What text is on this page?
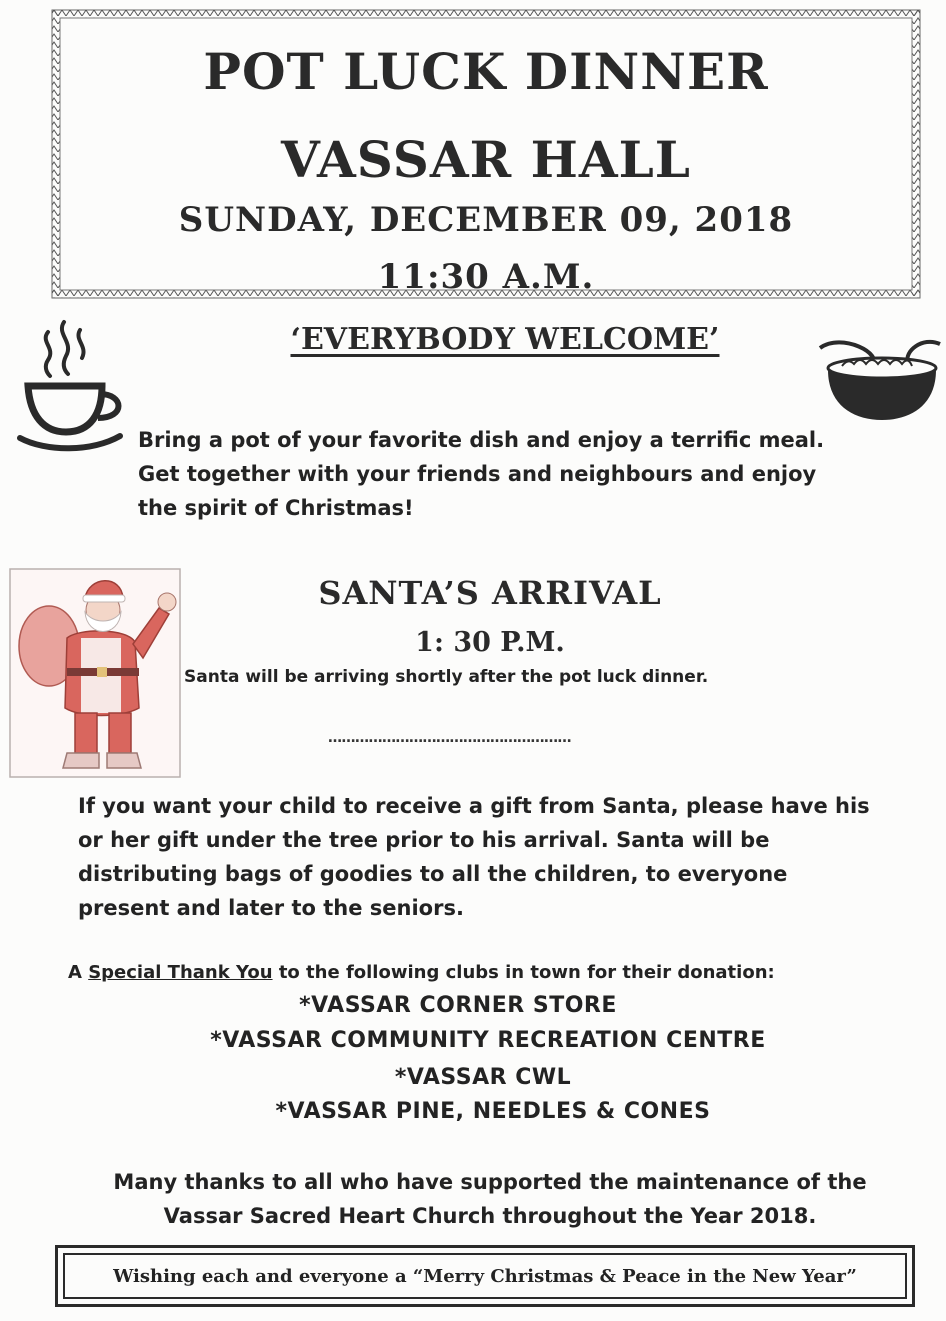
POT LUCK DINNER
VASSAR HALL
SUNDAY, DECEMBER 09, 2018
11:30 A.M.
‘EVERYBODY WELCOME’
Bring a pot of your favorite dish and enjoy a terrific meal. Get together with your friends and neighbours and enjoy the spirit of Christmas!
SANTA’S ARRIVAL
1: 30 P.M.
Santa will be arriving shortly after the pot luck dinner.
………………………………………………
If you want your child to receive a gift from Santa, please have his or her gift under the tree prior to his arrival. Santa will be distributing bags of goodies to all the children, to everyone present and later to the seniors.
A Special Thank You to the following clubs in town for their donation:
*VASSAR CORNER STORE
*VASSAR COMMUNITY RECREATION CENTRE
*VASSAR CWL
*VASSAR PINE, NEEDLES & CONES
Many thanks to all who have supported the maintenance of the Vassar Sacred Heart Church throughout the Year 2018.
Wishing each and everyone a “Merry Christmas & Peace in the New Year”
